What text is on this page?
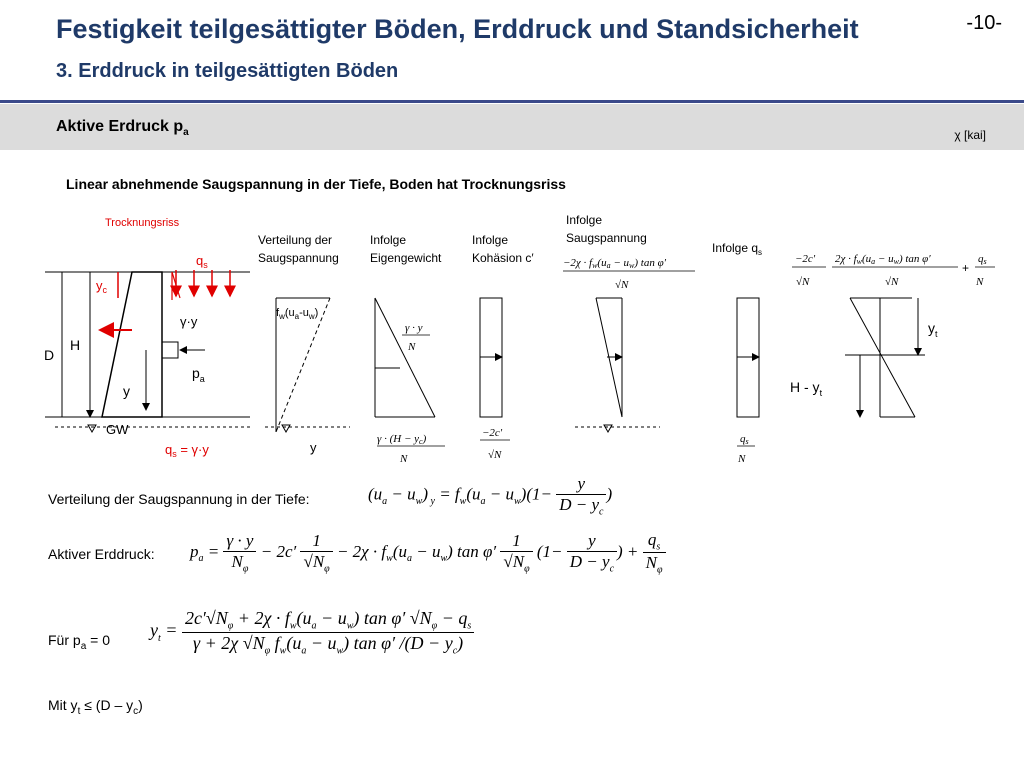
Festigkeit teilgesättigter Böden, Erddruck und Standsicherheit
3. Erddruck in teilgesättigten Böden
-10-
Aktive Erdruck $p_a$	χ [kai]
Linear abnehmende Saugspannung in der Tiefe, Boden hat Trocknungsriss
Trocknungsriss
$q_s$
$y_c$
D
H
y
γ·y
$p_a$
GW
$q_s = \gamma\cdot y$
Verteilung der
Saugspannung
$f_w(u_a-u_w)$
y
Infolge
Eigengewicht
γ · y
N
γ · (H − yc)
N
Infolge
Kohäsion c′
−2c′
√N
Infolge
Saugspannung
−2χ · fw(ua − uw) tan φ′
√N
Infolge $q_s$
qs
N
−2c′
√N
2χ · fw(ua − uw) tan φ′
√N
+
qs
N
$y_t$
H - $y_t$
Verteilung der Saugspannung in der Tiefe:	$(u_a - u_w) _y = f_w(u_a - u_w)(1- \frac{y}{D - y_c}$ )
Aktiver Erddruck: $p_a = \frac{\gamma \cdot y}{N_\varphi} - 2c' \frac{1}{√N_\varphi} - 2\chi \cdot f_w(u_a - u_w)$ $\tan \varphi' \frac{1}{√N_\varphi} (1- \frac{y}{D - y_c}$ ) + $\frac{q_s}{N_\varphi}$
Für $p_a = 0$ $y_t = \frac{2c'√N_\varphi + 2\chi \cdot f_w(u_a - u_w) \tan \varphi' √N_\varphi - q_s}{\gamma + 2\chi √N_\varphi f_w(u_a - u_w) \tan \varphi' /(D - y_c)}$
Mit $y_t \le (D - y_c)$
